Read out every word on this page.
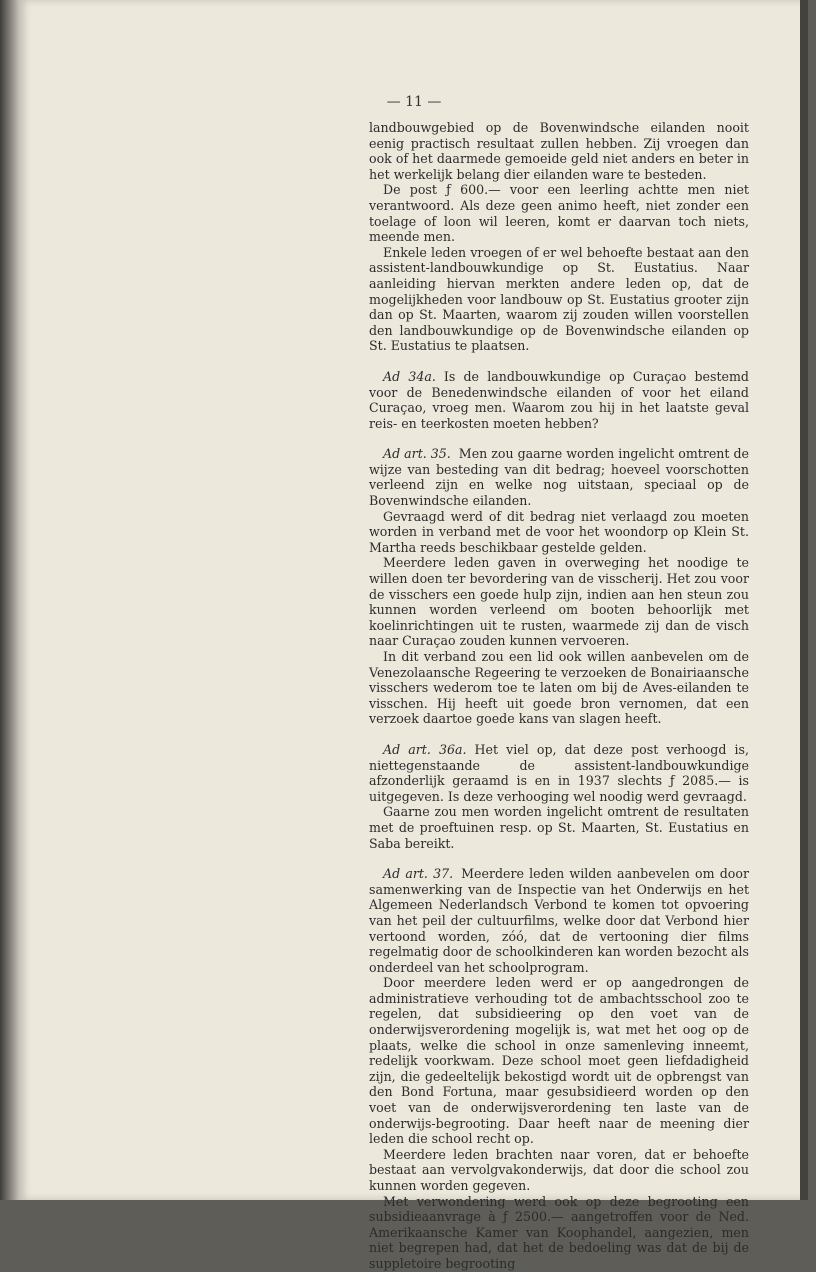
— 11 —

landbouwgebied op de Bovenwindsche eilanden nooit eenig practisch resultaat zullen hebben. Zij vroegen dan ook of het daarmede gemoeide geld niet anders en beter in het werkelijk belang dier eilanden ware te besteden.

De post ƒ 600.— voor een leerling achtte men niet verantwoord. Als deze geen animo heeft, niet zonder een toelage of loon wil leeren, komt er daarvan toch niets, meende men.

Enkele leden vroegen of er wel behoefte bestaat aan den assistent-landbouwkundige op St. Eustatius. Naar aanleiding hiervan merkten andere leden op, dat de mogelijkheden voor landbouw op St. Eustatius grooter zijn dan op St. Maarten, waarom zij zouden willen voorstellen den landbouwkundige op de Bovenwindsche eilanden op St. Eustatius te plaatsen.

Ad 34a. Is de landbouwkundige op Curaçao bestemd voor de Benedenwindsche eilanden of voor het eiland Curaçao, vroeg men. Waarom zou hij in het laatste geval reis- en teerkosten moeten hebben?

Ad art. 35. Men zou gaarne worden ingelicht omtrent de wijze van besteding van dit bedrag; hoeveel voorschotten verleend zijn en welke nog uitstaan, speciaal op de Bovenwindsche eilanden.

Gevraagd werd of dit bedrag niet verlaagd zou moeten worden in verband met de voor het woondorp op Klein St. Martha reeds beschikbaar gestelde gelden.

Meerdere leden gaven in overweging het noodige te willen doen ter bevordering van de visscherij. Het zou voor de visschers een goede hulp zijn, indien aan hen steun zou kunnen worden verleend om booten behoorlijk met koelinrichtingen uit te rusten, waarmede zij dan de visch naar Curaçao zouden kunnen vervoeren.

In dit verband zou een lid ook willen aanbevelen om de Venezolaansche Regeering te verzoeken de Bonairiaansche visschers wederom toe te laten om bij de Aves-eilanden te visschen. Hij heeft uit goede bron vernomen, dat een verzoek daartoe goede kans van slagen heeft.

Ad art. 36a. Het viel op, dat deze post verhoogd is, niettegenstaande de assistent-landbouwkundige afzonderlijk geraamd is en in 1937 slechts ƒ 2085.— is uitgegeven. Is deze verhooging wel noodig werd gevraagd.

Gaarne zou men worden ingelicht omtrent de resultaten met de proeftuinen resp. op St. Maarten, St. Eustatius en Saba bereikt.

Ad art. 37. Meerdere leden wilden aanbevelen om door samenwerking van de Inspectie van het Onderwijs en het Algemeen Nederlandsch Verbond te komen tot opvoering van het peil der cultuurfilms, welke door dat Verbond hier vertoond worden, zóó, dat de vertooning dier films regelmatig door de schoolkinderen kan worden bezocht als onderdeel van het schoolprogram.

Door meerdere leden werd er op aangedrongen de administratieve verhouding tot de ambachtsschool zoo te regelen, dat subsidieering op den voet van de onderwijsverordening mogelijk is, wat met het oog op de plaats, welke die school in onze samenleving inneemt, redelijk voorkwam. Deze school moet geen liefdadigheid zijn, die gedeeltelijk bekostigd wordt uit de opbrengst van den Bond Fortuna, maar gesubsidieerd worden op den voet van de onderwijsverordening ten laste van de onderwijs-begrooting. Daar heeft naar de meening dier leden die school recht op.

Meerdere leden brachten naar voren, dat er behoefte bestaat aan vervolgvakonderwijs, dat door die school zou kunnen worden gegeven.

Met verwondering werd ook op deze begrooting een subsidieaanvrage à ƒ 2500.— aangetroffen voor de Ned. Amerikaansche Kamer van Koophandel, aangezien, men niet begrepen had, dat het de bedoeling was dat de bij de suppletoire begrooting
